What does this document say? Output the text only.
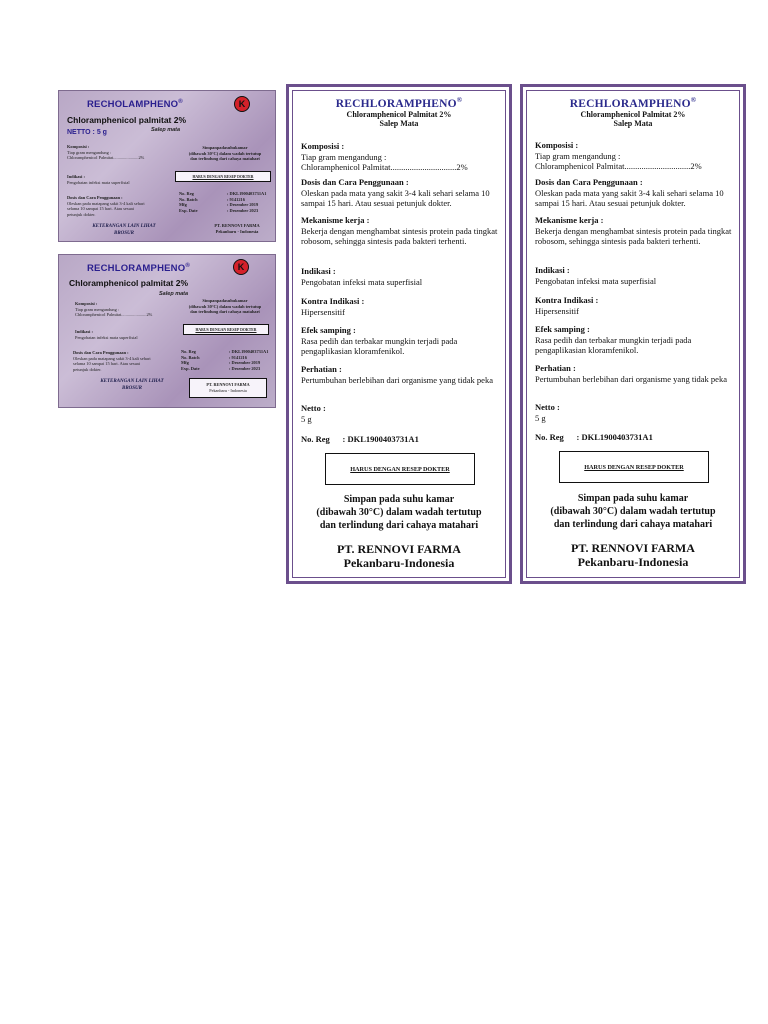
RECHOLAMPHENO®	K
Chloramphenicol palmitat 2%
Salep mata
NETTO : 5 g
Komposisi :
Tiap gram mengandung :
Chloramphenicol Palmitat.......................2%
Indikasi :
Pengobatan infeksi mata superfisial
Dosis dan Cara Penggunaan :
Oleskan pada matapang sakit 3-4 kali sehari
selama 10 sampai 15 hari. Atau sesuai
petunjuk dokter.
KETERANGAN LAIN LIHAT
BROSUR
Simpanpadasuhukamar
(dibawah 30°C) dalam wadah tertutup
dan terlindung dari cahaya matahari
HARUS DENGAN RESEP DOKTER
No. Reg
No. Batch
Mfg
Exp. Date
: DKL1900403731A1
: 9141216
: Desember 2019
: Desember 2023
PT. RENNOVI FARMA
Pekanbaru - Indonesia
RECHLORAMPHENO®	K
Chloramphenicol palmitat 2%
Salep mata
Komposisi :
Tiap gram mengandung :
Chloramphenicol Palmitat.......................2%
Indikasi :
Pengobatan infeksi mata superfisial
Dosis dan Cara Penggunaan :
Oleskan pada matapang sakit 3-4 kali sehari
selama 10 sampai 15 hari. Atau sesuai
petunjuk dokter.
KETERANGAN LAIN LIHAT
BROSUR
Simpanpadasuhukamar
(dibawah 30°C) dalam wadah tertutup
dan terlindung dari cahaya matahari
HARUS DENGAN RESEP DOKTER
No. Reg
No. Batch
Mfg
Exp. Date
: DKL1900403731A1
: 9141216
: Desember 2019
: Desember 2023
PT. RENNOVI FARMA
Pekanbaru - Indonesia
RECHLORAMPHENO®
Chloramphenicol Palmitat 2%
Salep Mata
Komposisi :
Tiap gram mengandung :
Chloramphenicol Palmitat...............................2%
Dosis dan Cara Penggunaan :
Oleskan pada mata yang sakit 3-4 kali sehari selama 10 sampai 15 hari. Atau sesuai petunjuk dokter.
Mekanisme kerja :
Bekerja dengan menghambat sintesis protein pada tingkat robosom, sehingga sintesis pada bakteri terhenti.
Indikasi :
Pengobatan infeksi mata superfisial
Kontra Indikasi :
Hipersensitif
Efek samping :
Rasa pedih dan terbakar mungkin terjadi pada pengaplikasian kloramfenikol.
Perhatian :
Pertumbuhan berlebihan dari organisme yang tidak peka
Netto :
5 g
No. Reg      : DKL1900403731A1
HARUS DENGAN RESEP DOKTER
Simpan pada suhu kamar
(dibawah 30°C) dalam wadah tertutup
dan terlindung dari cahaya matahari
PT. RENNOVI FARMA
Pekanbaru-Indonesia
RECHLORAMPHENO®
Chloramphenicol Palmitat 2%
Salep Mata
Komposisi :
Tiap gram mengandung :
Chloramphenicol Palmitat...............................2%
Dosis dan Cara Penggunaan :
Oleskan pada mata yang sakit 3-4 kali sehari selama 10 sampai 15 hari. Atau sesuai petunjuk dokter.
Mekanisme kerja :
Bekerja dengan menghambat sintesis protein pada tingkat robosom, sehingga sintesis pada bakteri terhenti.
Indikasi :
Pengobatan infeksi mata superfisial
Kontra Indikasi :
Hipersensitif
Efek samping :
Rasa pedih dan terbakar mungkin terjadi pada pengaplikasian kloramfenikol.
Perhatian :
Pertumbuhan berlebihan dari organisme yang tidak peka
Netto :
5 g
No. Reg      : DKL1900403731A1
HARUS DENGAN RESEP DOKTER
Simpan pada suhu kamar
(dibawah 30°C) dalam wadah tertutup
dan terlindung dari cahaya matahari
PT. RENNOVI FARMA
Pekanbaru-Indonesia
